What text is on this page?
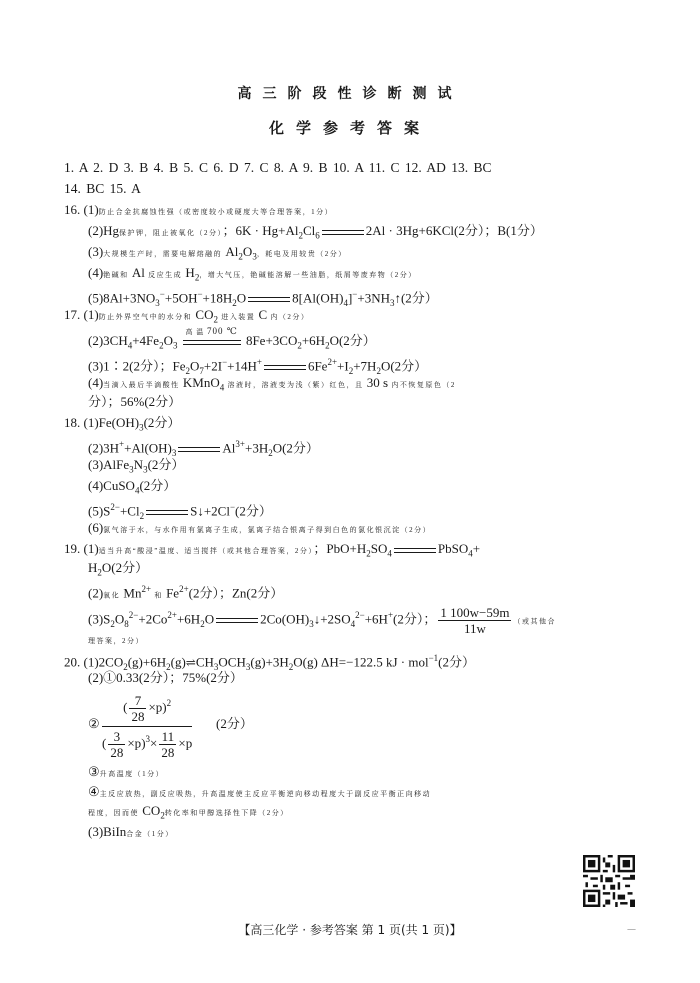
高三阶段性诊断测试
化学参考答案
1. A 2. D 3. B 4. B 5. C 6. D 7. C 8. A 9. B 10. A 11. C 12. AD 13. BC
14. BC 15. A
16. (1)防止合金抗腐蚀性强（或密度较小或硬度大等合理答案，1分）
(2)Hg保护钾，阻止被氧化（2分）；$6K \cdot Hg+Al_2Cl_6$	2Al · 3Hg+6KCl(2分）；B(1分）
(3)大规模生产时，需要电解熔融的 $Al_2O_3$，耗电及用较贵（2分）
(4)铯碱和 Al 反应生成 $H_2$，增大气压，铯碱能溶解一些油脂，纸屑等废弃物（2分）
$(5)8Al+3NO_3^-+5OH^-+18H_2O$	$8[Al(OH)_4]^-+3NH_3↑(2$分）
17. (1)防止外界空气中的水分和 $CO_2$ 进入装置 C 内（2分）
$(2)3CH_4+4Fe_2O_3$
高 温 700 ℃
$8Fe+3CO_2+6H_2O(2$分）
(3)1∶2(2分）；$Fe_2O_7+2I^-+14H^+$	$6Fe^{2+}+I_2+7H_2O(2$分）
(4)当滴入最后半滴酸性 KMnO$_4$ 溶液时，溶液变为浅（紫）红色，且 30 s 内不恢复原色（2
分）；56%(2分）
18. $(1)Fe(OH)_3(2$分）
$(2)3H^++Al(OH)_3$	$Al^{3+}+3H_2O(2$分）
$(3)AlFe_3N_3(2$分）
(4)CuSO$_4$(2分）
$(5)S^{2-}+Cl_2$	S↓+2Cl−(2分）
(6)氯气溶于水，与水作用有氯离子生成，氯离子结合银离子得到白色的氯化银沉淀（2分）
19. (1)适当升高“酸浸”温度、适当搅拌（或其他合理答案，2分）；$PbO+H_2SO_4$	PbSO$_4$+
$H_2O(2$分）
(2)氧化 $Mn^{2+}$ 和 $Fe^{2+}(2$分）；Zn(2分）
$(3)S_2O_8^{2-}+2Co^{2+}+6H_2O$	$2Co(OH)_3↓+2SO_4^{2-}+6H^+(2$分）； $\frac{1 100w-59m}{11w}$ （或其他合
理答案，2分）
20. $(1)2CO_2(g)+6H_2(g)\rightleftharpoons CH_3OCH_3(g)+3H_2O(g)$ ΔH=−122.5 kJ · mol$^{-1}$(2分）
(2)①0.33(2分）；75%(2分）
②
( $\frac{7}{28} \times p)^2$
( $\frac{3}{28} \times p)^3\times \frac{11}{28} \times p$
(2分）
③升高温度（1分）
④主反应放热，副反应吸热，升高温度使主反应平衡逆向移动程度大于副反应平衡正向移动
程度，因而使 $CO_2$转化率和甲醇选择性下降（2分）
(3)BiIn合金（1分）
【高三化学 · 参考答案 第 1 页(共 1 页)】	—
